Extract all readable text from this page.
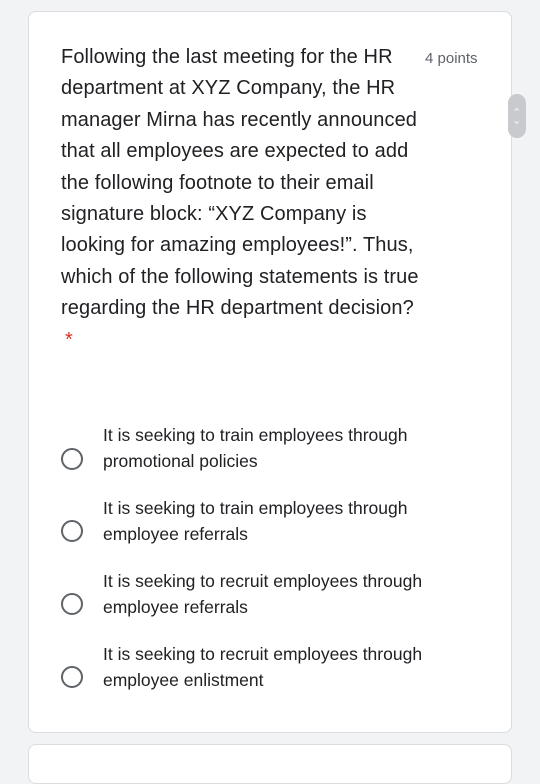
Following the last meeting for the HR department at XYZ Company, the HR manager Mirna has recently announced that all employees are expected to add the following footnote to their email signature block: “XYZ Company is looking for amazing employees!”. Thus, which of the following statements is true regarding the HR department decision?*
4 points
It is seeking to train employees through promotional policies
It is seeking to train employees through employee referrals
It is seeking to recruit employees through employee referrals
It is seeking to recruit employees through employee enlistment
‹
›
